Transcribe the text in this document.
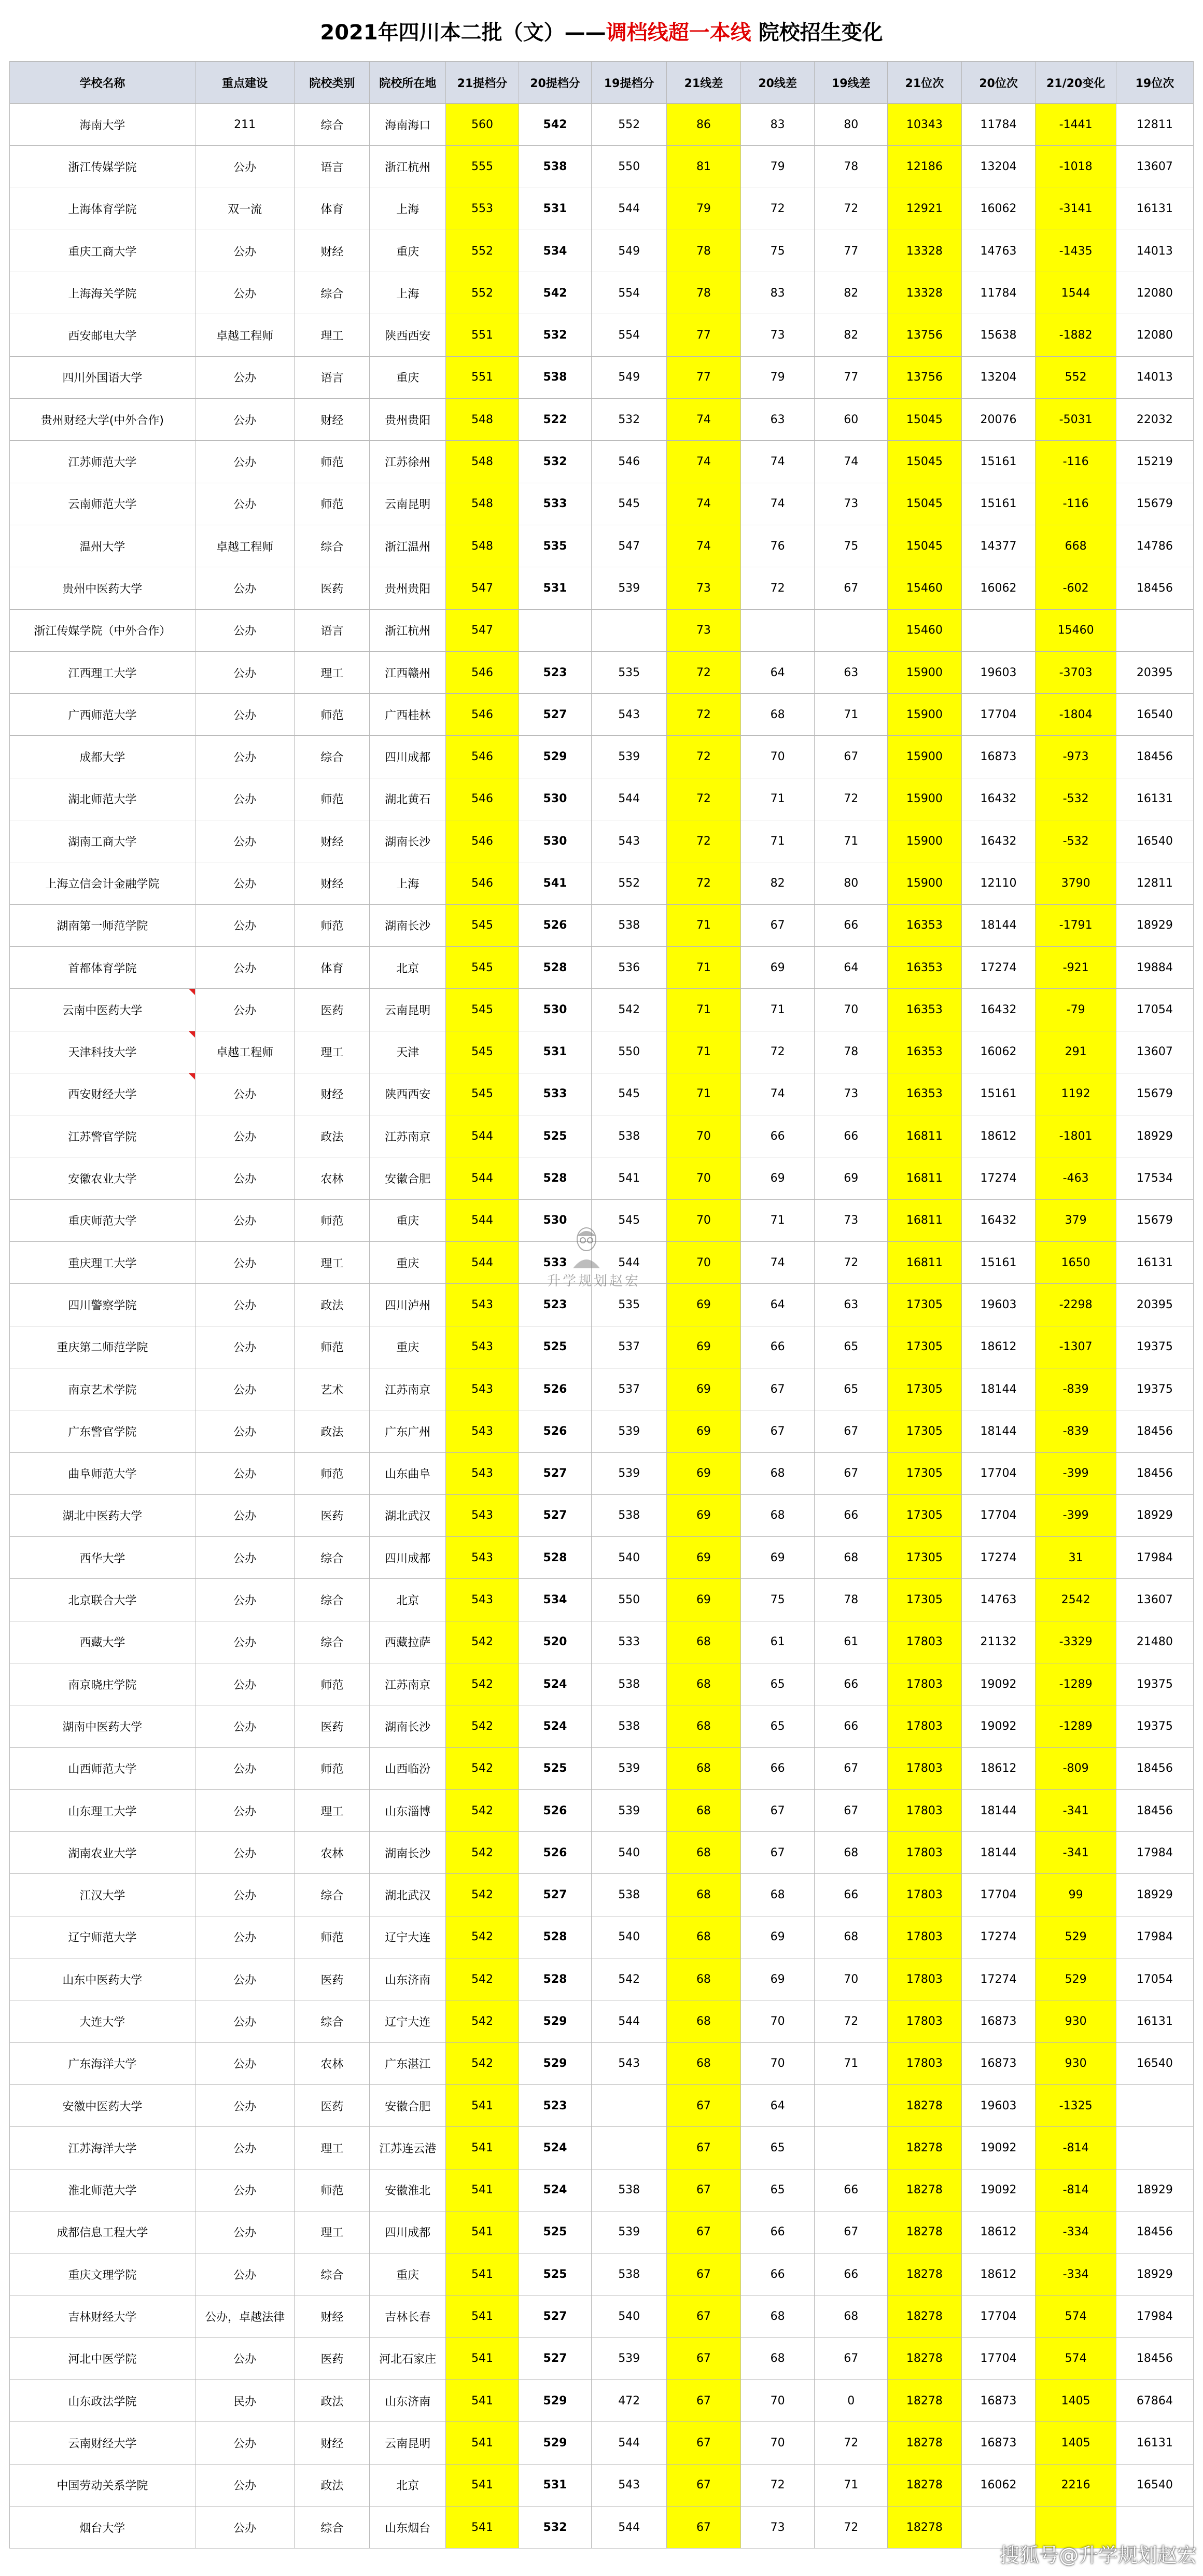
2021年四川本二批（文）—— 调档线超一本线 院校招生变化
学校名称	重点建设	院校类别	院校所在地	21提档分	20提档分	19提档分	21线差	20线差	19线差	21位次	20位次	21/20变化	19位次
海南大学	211	综合	海南海口	560	542	552	86	83	80	10343	11784	-1441	12811
浙江传媒学院	公办	语言	浙江杭州	555	538	550	81	79	78	12186	13204	-1018	13607
上海体育学院	双一流	体育	上海	553	531	544	79	72	72	12921	16062	-3141	16131
重庆工商大学	公办	财经	重庆	552	534	549	78	75	77	13328	14763	-1435	14013
上海海关学院	公办	综合	上海	552	542	554	78	83	82	13328	11784	1544	12080
西安邮电大学	卓越工程师	理工	陕西西安	551	532	554	77	73	82	13756	15638	-1882	12080
四川外国语大学	公办	语言	重庆	551	538	549	77	79	77	13756	13204	552	14013
贵州财经大学(中外合作)	公办	财经	贵州贵阳	548	522	532	74	63	60	15045	20076	-5031	22032
江苏师范大学	公办	师范	江苏徐州	548	532	546	74	74	74	15045	15161	-116	15219
云南师范大学	公办	师范	云南昆明	548	533	545	74	74	73	15045	15161	-116	15679
温州大学	卓越工程师	综合	浙江温州	548	535	547	74	76	75	15045	14377	668	14786
贵州中医药大学	公办	医药	贵州贵阳	547	531	539	73	72	67	15460	16062	-602	18456
浙江传媒学院（中外合作）	公办	语言	浙江杭州	547			73			15460		15460	
江西理工大学	公办	理工	江西赣州	546	523	535	72	64	63	15900	19603	-3703	20395
广西师范大学	公办	师范	广西桂林	546	527	543	72	68	71	15900	17704	-1804	16540
成都大学	公办	综合	四川成都	546	529	539	72	70	67	15900	16873	-973	18456
湖北师范大学	公办	师范	湖北黄石	546	530	544	72	71	72	15900	16432	-532	16131
湖南工商大学	公办	财经	湖南长沙	546	530	543	72	71	71	15900	16432	-532	16540
上海立信会计金融学院	公办	财经	上海	546	541	552	72	82	80	15900	12110	3790	12811
湖南第一师范学院	公办	师范	湖南长沙	545	526	538	71	67	66	16353	18144	-1791	18929
首都体育学院	公办	体育	北京	545	528	536	71	69	64	16353	17274	-921	19884
云南中医药大学	公办	医药	云南昆明	545	530	542	71	71	70	16353	16432	-79	17054
天津科技大学	卓越工程师	理工	天津	545	531	550	71	72	78	16353	16062	291	13607
西安财经大学	公办	财经	陕西西安	545	533	545	71	74	73	16353	15161	1192	15679
江苏警官学院	公办	政法	江苏南京	544	525	538	70	66	66	16811	18612	-1801	18929
安徽农业大学	公办	农林	安徽合肥	544	528	541	70	69	69	16811	17274	-463	17534
重庆师范大学	公办	师范	重庆	544	530	545	70	71	73	16811	16432	379	15679
重庆理工大学	公办	理工	重庆	544	533	544	70	74	72	16811	15161	1650	16131
四川警察学院	公办	政法	四川泸州	543	523	535	69	64	63	17305	19603	-2298	20395
重庆第二师范学院	公办	师范	重庆	543	525	537	69	66	65	17305	18612	-1307	19375
南京艺术学院	公办	艺术	江苏南京	543	526	537	69	67	65	17305	18144	-839	19375
广东警官学院	公办	政法	广东广州	543	526	539	69	67	67	17305	18144	-839	18456
曲阜师范大学	公办	师范	山东曲阜	543	527	539	69	68	67	17305	17704	-399	18456
湖北中医药大学	公办	医药	湖北武汉	543	527	538	69	68	66	17305	17704	-399	18929
西华大学	公办	综合	四川成都	543	528	540	69	69	68	17305	17274	31	17984
北京联合大学	公办	综合	北京	543	534	550	69	75	78	17305	14763	2542	13607
西藏大学	公办	综合	西藏拉萨	542	520	533	68	61	61	17803	21132	-3329	21480
南京晓庄学院	公办	师范	江苏南京	542	524	538	68	65	66	17803	19092	-1289	19375
湖南中医药大学	公办	医药	湖南长沙	542	524	538	68	65	66	17803	19092	-1289	19375
山西师范大学	公办	师范	山西临汾	542	525	539	68	66	67	17803	18612	-809	18456
山东理工大学	公办	理工	山东淄博	542	526	539	68	67	67	17803	18144	-341	18456
湖南农业大学	公办	农林	湖南长沙	542	526	540	68	67	68	17803	18144	-341	17984
江汉大学	公办	综合	湖北武汉	542	527	538	68	68	66	17803	17704	99	18929
辽宁师范大学	公办	师范	辽宁大连	542	528	540	68	69	68	17803	17274	529	17984
山东中医药大学	公办	医药	山东济南	542	528	542	68	69	70	17803	17274	529	17054
大连大学	公办	综合	辽宁大连	542	529	544	68	70	72	17803	16873	930	16131
广东海洋大学	公办	农林	广东湛江	542	529	543	68	70	71	17803	16873	930	16540
安徽中医药大学	公办	医药	安徽合肥	541	523		67	64		18278	19603	-1325	
江苏海洋大学	公办	理工	江苏连云港	541	524		67	65		18278	19092	-814	
淮北师范大学	公办	师范	安徽淮北	541	524	538	67	65	66	18278	19092	-814	18929
成都信息工程大学	公办	理工	四川成都	541	525	539	67	66	67	18278	18612	-334	18456
重庆文理学院	公办	综合	重庆	541	525	538	67	66	66	18278	18612	-334	18929
吉林财经大学	公办，卓越法律	财经	吉林长春	541	527	540	67	68	68	18278	17704	574	17984
河北中医学院	公办	医药	河北石家庄	541	527	539	67	68	67	18278	17704	574	18456
山东政法学院	民办	政法	山东济南	541	529	472	67	70	0	18278	16873	1405	67864
云南财经大学	公办	财经	云南昆明	541	529	544	67	70	72	18278	16873	1405	16131
中国劳动关系学院	公办	政法	北京	541	531	543	67	72	71	18278	16062	2216	16540
烟台大学	公办	综合	山东烟台	541	532	544	67	73	72	18278			
升学规划赵宏
搜狐号@升学规划赵宏
